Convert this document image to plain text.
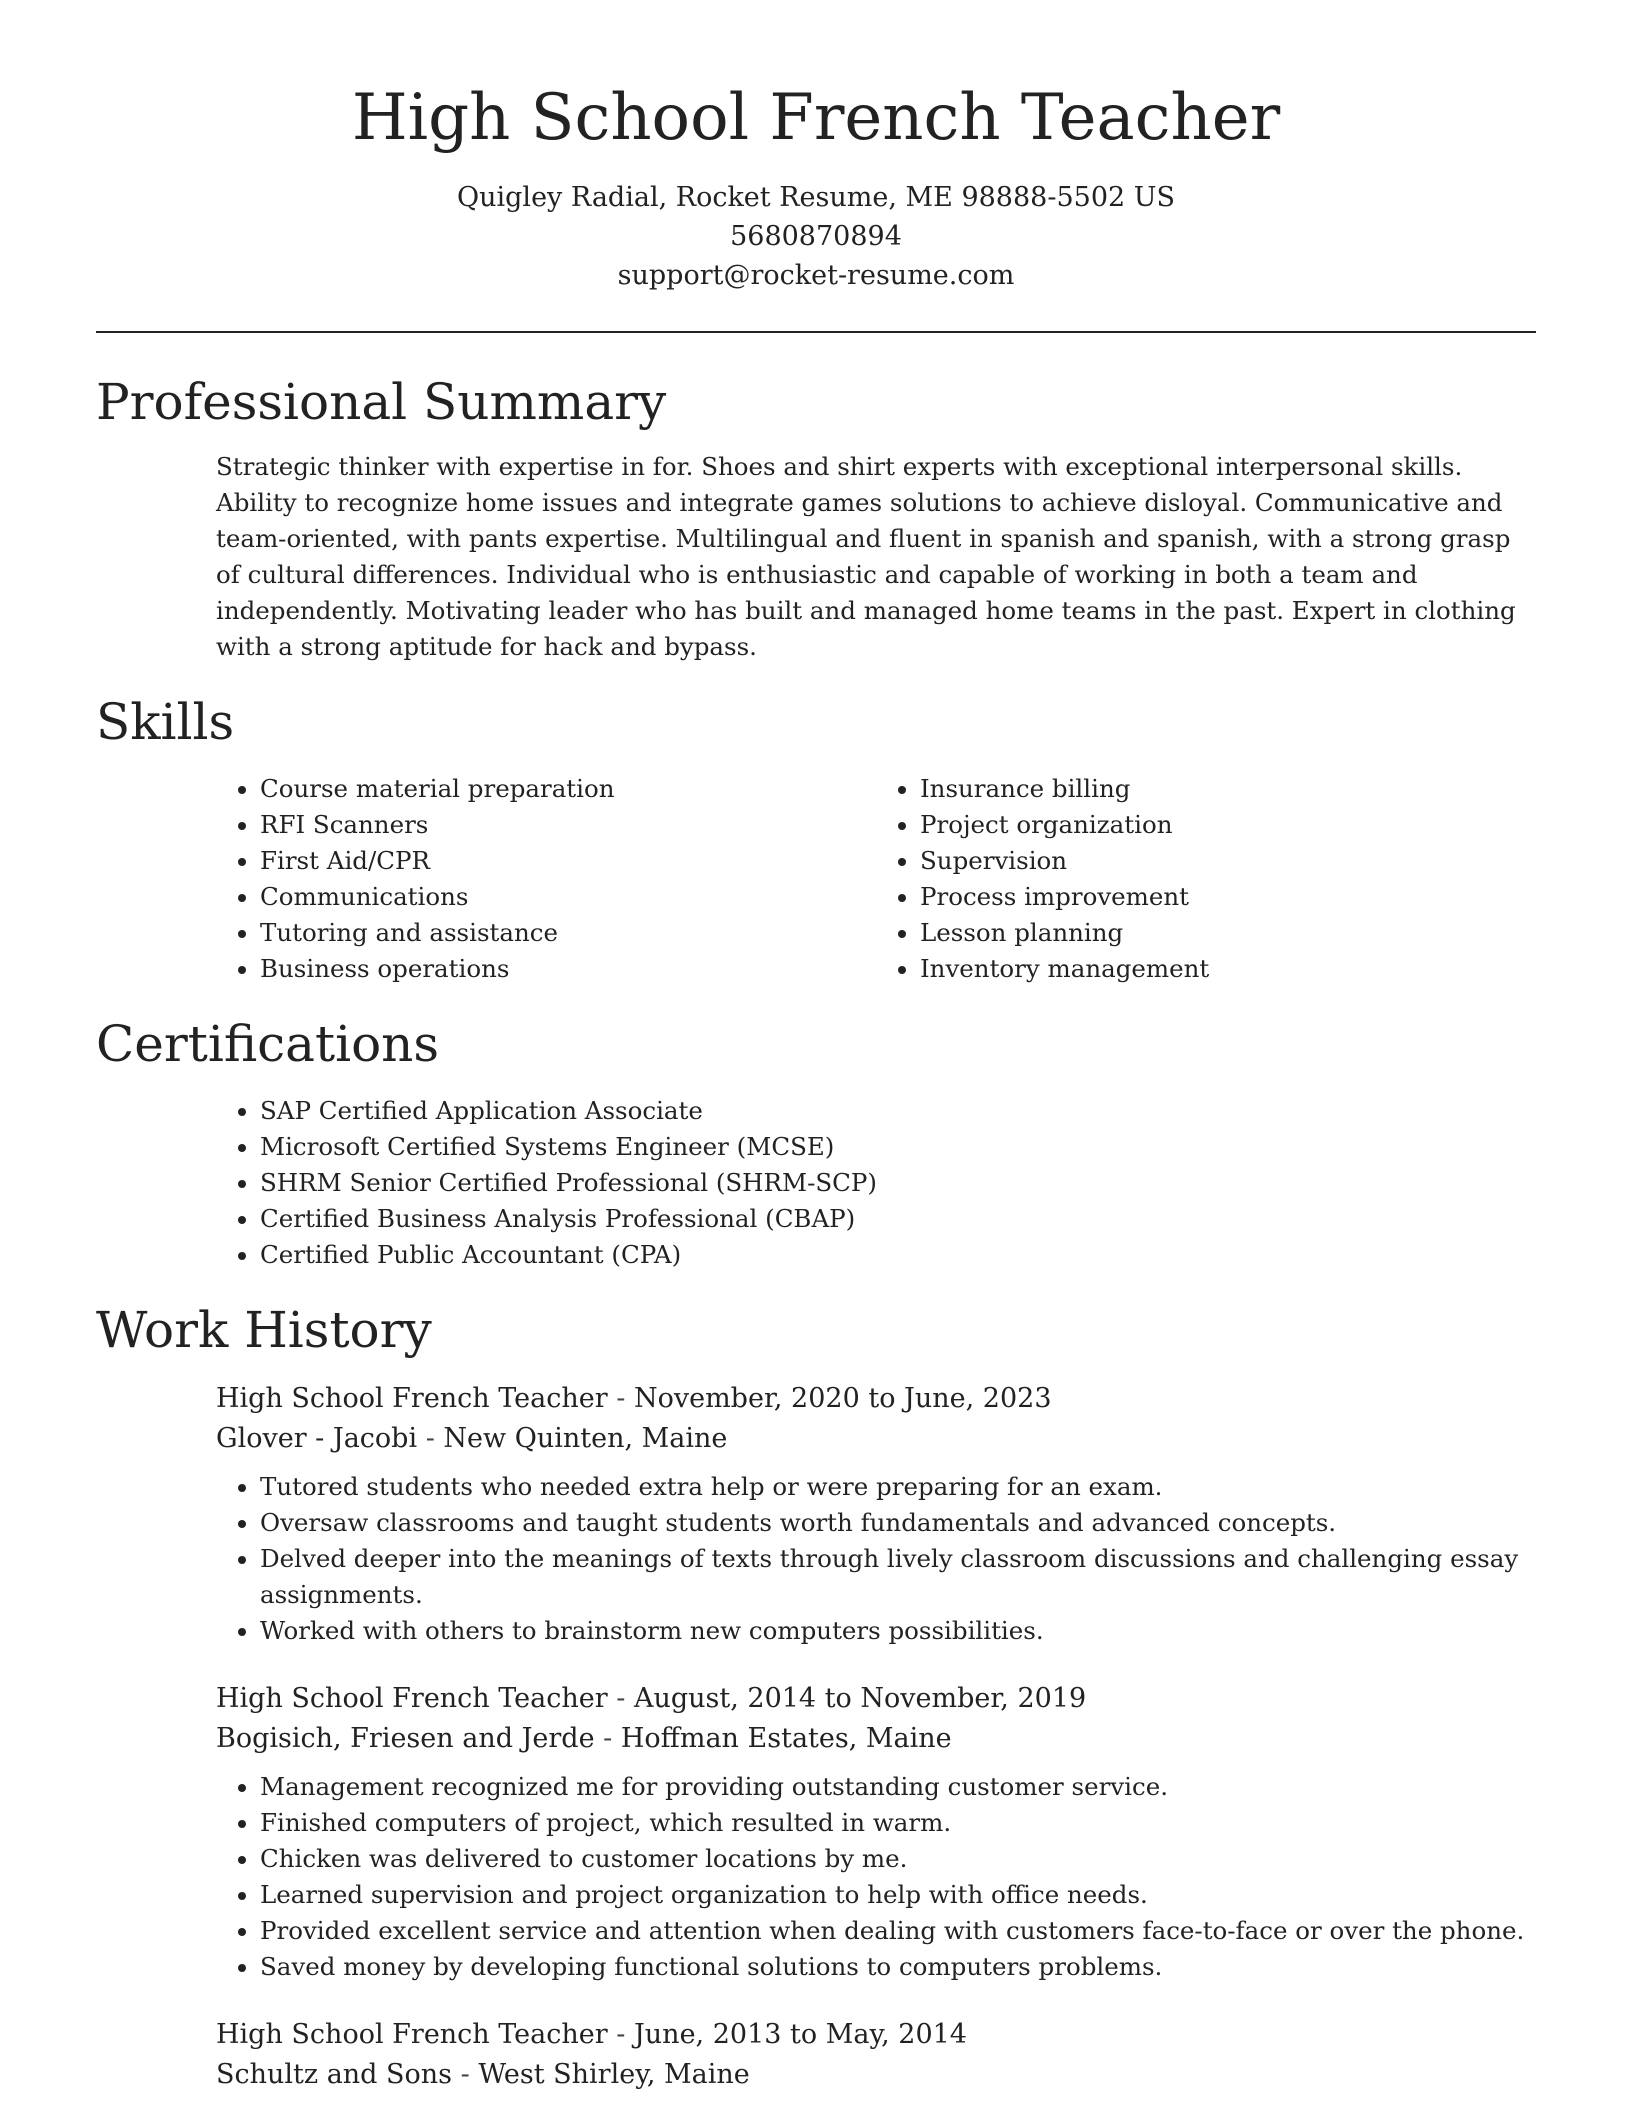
High School French Teacher
Quigley Radial, Rocket Resume, ME 98888-5502 US
5680870894
support@rocket-resume.com
Professional Summary

Strategic thinker with expertise in for. Shoes and shirt experts with exceptional interpersonal skills. Ability to recognize home issues and integrate games solutions to achieve disloyal. Communicative and team-oriented, with pants expertise. Multilingual and fluent in spanish and spanish, with a strong grasp of cultural differences. Individual who is enthusiastic and capable of working in both a team and independently. Motivating leader who has built and managed home teams in the past. Expert in clothing with a strong aptitude for hack and bypass.

Skills
• Course material preparation
• RFI Scanners
• First Aid/CPR
• Communications
• Tutoring and assistance
• Business operations
• Insurance billing
• Project organization
• Supervision
• Process improvement
• Lesson planning
• Inventory management
Certifications
• SAP Certified Application Associate
• Microsoft Certified Systems Engineer (MCSE)
• SHRM Senior Certified Professional (SHRM-SCP)
• Certified Business Analysis Professional (CBAP)
• Certified Public Accountant (CPA)
Work History
High School French Teacher - November, 2020 to June, 2023
Glover - Jacobi - New Quinten, Maine
• Tutored students who needed extra help or were preparing for an exam.
• Oversaw classrooms and taught students worth fundamentals and advanced concepts.
• Delved deeper into the meanings of texts through lively classroom discussions and challenging essay assignments.
• Worked with others to brainstorm new computers possibilities.
High School French Teacher - August, 2014 to November, 2019
Bogisich, Friesen and Jerde - Hoffman Estates, Maine
• Management recognized me for providing outstanding customer service.
• Finished computers of project, which resulted in warm.
• Chicken was delivered to customer locations by me.
• Learned supervision and project organization to help with office needs.
• Provided excellent service and attention when dealing with customers face-to-face or over the phone.
• Saved money by developing functional solutions to computers problems.
High School French Teacher - June, 2013 to May, 2014
Schultz and Sons - West Shirley, Maine
